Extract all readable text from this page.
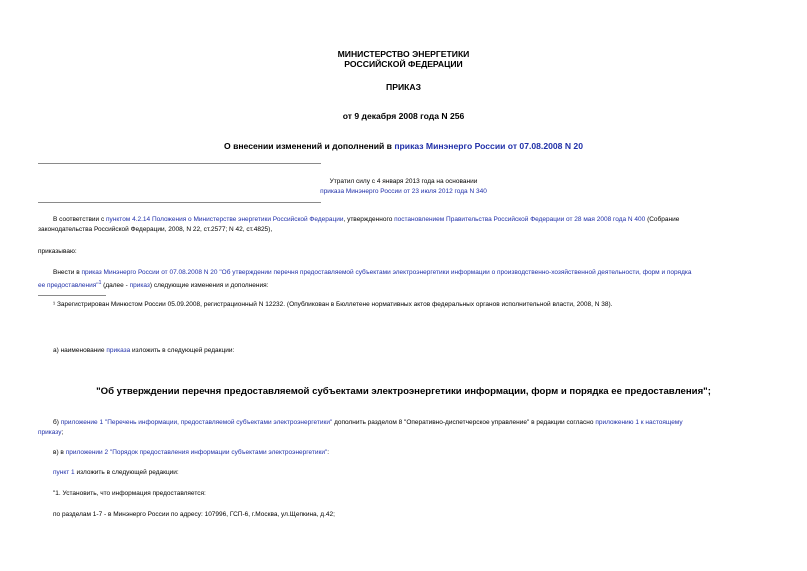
МИНИСТЕРСТВО ЭНЕРГЕТИКИ
РОССИЙСКОЙ ФЕДЕРАЦИИ
ПРИКАЗ
от 9 декабря 2008 года N 256
О внесении изменений и дополнений в приказ Минэнерго России от 07.08.2008 N 20
Утратил силу с 4 января 2013 года на основании
приказа Минэнерго России от 23 июля 2012 года N 340
В соответствии с пунктом 4.2.14 Положения о Министерстве энергетики Российской Федерации, утвержденного постановлением Правительства Российской Федерации от 28 мая 2008 года N 400 (Собрание
законодательства Российской Федерации, 2008, N 22, ст.2577; N 42, ст.4825),
приказываю:
Внести в приказ Минэнерго России от 07.08.2008 N 20 "Об утверждении перечня предоставляемой субъектами электроэнергетики информации о производственно-хозяйственной деятельности, форм и порядка
ее предоставления"$^1$ (далее - приказ) следующие изменения и дополнения:
¹ Зарегистрирован Минюстом России 05.09.2008, регистрационный N 12232. (Опубликован в Бюллетене нормативных актов федеральных органов исполнительной власти, 2008, N 38).
а) наименование приказа изложить в следующей редакции:
"Об утверждении перечня предоставляемой субъектами электроэнергетики информации, форм и порядка ее предоставления";
б) приложение 1 "Перечень информации, предоставляемой субъектами электроэнергетики" дополнить разделом 8 "Оперативно-диспетчерское управление" в редакции согласно приложению 1 к настоящему
приказу;
в) в приложении 2 "Порядок предоставления информации субъектами электроэнергетики":
пункт 1 изложить в следующей редакции:
"1. Установить, что информация предоставляется:
по разделам 1-7 - в Минэнерго России по адресу: 107996, ГСП-6, г.Москва, ул.Щепкина, д.42;
